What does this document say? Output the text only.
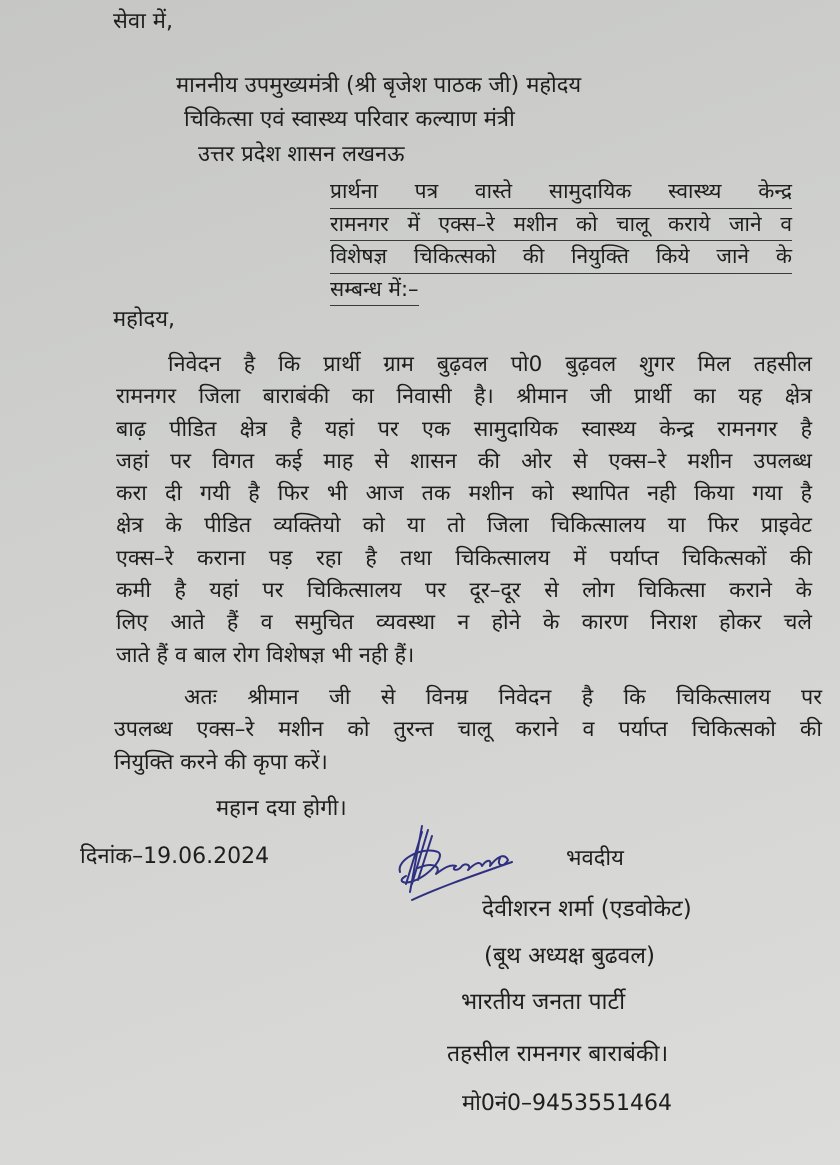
सेवा में,
माननीय उपमुख्यमंत्री (श्री बृजेश पाठक जी) महोदय
चिकित्सा एवं स्वास्थ्य परिवार कल्याण मंत्री
उत्तर प्रदेश शासन लखनऊ
प्रार्थना पत्र वास्ते सामुदायिक स्वास्थ्य केन्द्र
रामनगर में एक्स–रे मशीन को चालू कराये जाने व
विशेषज्ञ चिकित्सको की नियुक्ति किये जाने के
सम्बन्ध में:–
महोदय,
निवेदन है कि प्रार्थी ग्राम बुढ़वल पो0 बुढ़वल शुगर मिल तहसील
रामनगर जिला बाराबंकी का निवासी है। श्रीमान जी प्रार्थी का यह क्षेत्र
बाढ़ पीडित क्षेत्र है यहां पर एक सामुदायिक स्वास्थ्य केन्द्र रामनगर है
जहां पर विगत कई माह से शासन की ओर से एक्स–रे मशीन उपलब्ध
करा दी गयी है फिर भी आज तक मशीन को स्थापित नही किया गया है
क्षेत्र के पीडित व्यक्तियो को या तो जिला चिकित्सालय या फिर प्राइवेट
एक्स–रे कराना पड़ रहा है तथा चिकित्सालय में पर्याप्त चिकित्सकों की
कमी है यहां पर चिकित्सालय पर दूर–दूर से लोग चिकित्सा कराने के
लिए आते हैं व समुचित व्यवस्था न होने के कारण निराश होकर चले
जाते हैं व बाल रोग विशेषज्ञ भी नही हैं।
अतः श्रीमान जी से विनम्र निवेदन है कि चिकित्सालय पर
उपलब्ध एक्स–रे मशीन को तुरन्त चालू कराने व पर्याप्त चिकित्सको की
नियुक्ति करने की कृपा करें।
महान दया होगी।
दिनांक–19.06.2024	भवदीय
देवीशरन शर्मा (एडवोकेट)
(बूथ अध्यक्ष बुढवल)
भारतीय जनता पार्टी
तहसील रामनगर बाराबंकी।
मो0नं0–9453551464
